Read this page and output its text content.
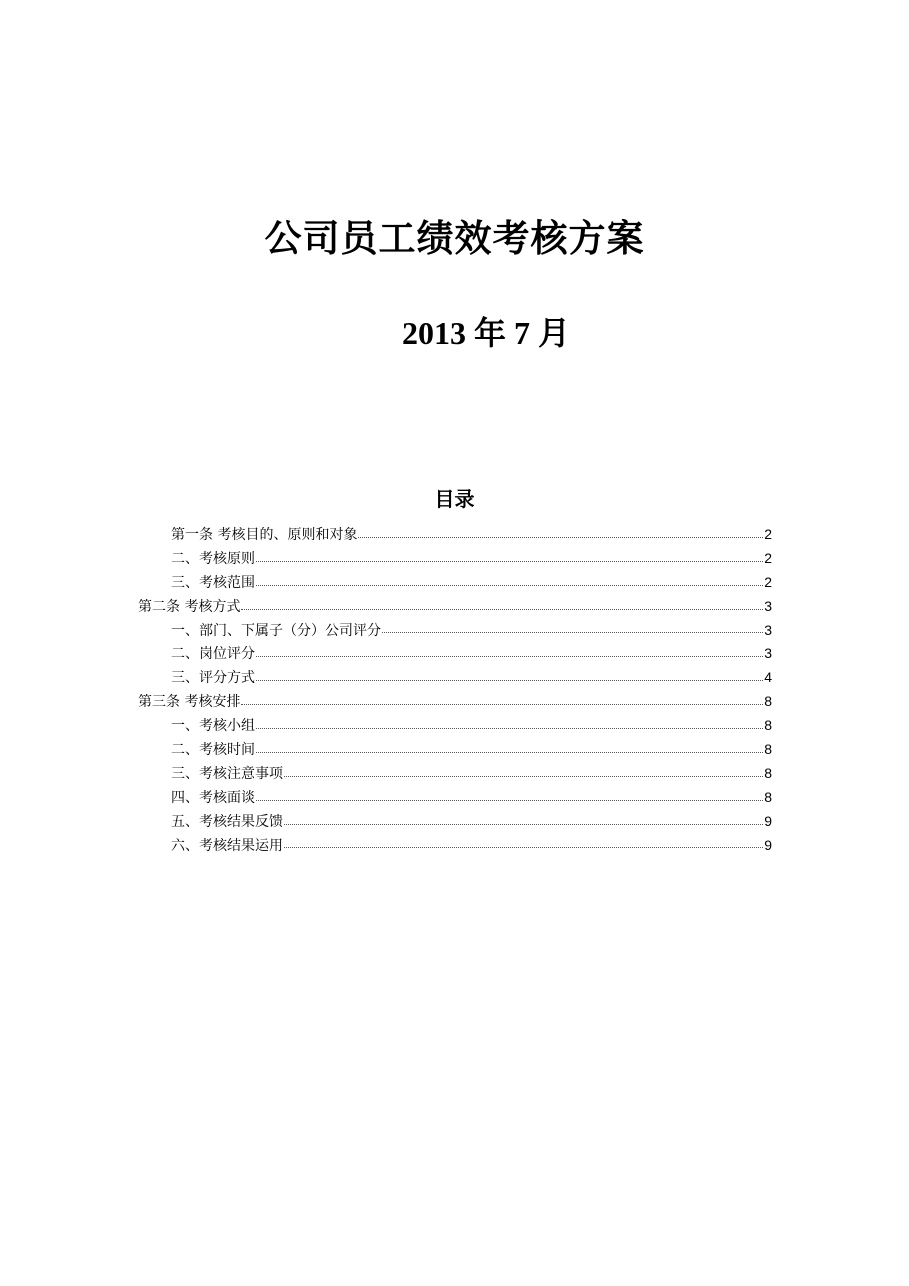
公司员工绩效考核方案
2013 年 7 月
目录
第一条 考核目的、原则和对象	2
二、考核原则	2
三、考核范围	2
第二条 考核方式	3
一、部门、下属子（分）公司评分	3
二、岗位评分	3
三、评分方式	4
第三条 考核安排	8
一、考核小组	8
二、考核时间	8
三、考核注意事项	8
四、考核面谈	8
五、考核结果反馈	9
六、考核结果运用	9
